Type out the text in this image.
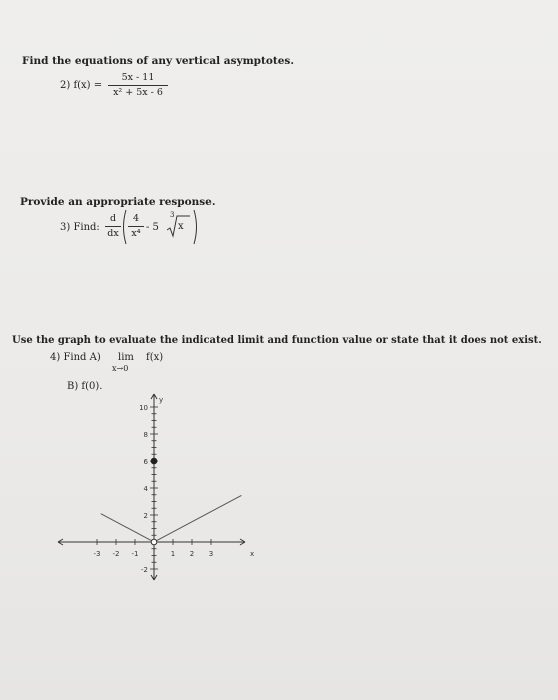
Find the equations of any vertical asymptotes.
2) f(x) =
5x - 11
x² + 5x - 6
Provide an appropriate response.
3) Find:
d
dx
4
x⁴
- 5
3
x
Use the graph to evaluate the indicated limit and function value or state that it does not exist.
4) Find A) lim f(x)
x→0
B) f(0).
-3 -2 -1	1 2 3
10
8
6
4
2
-2
y
x
